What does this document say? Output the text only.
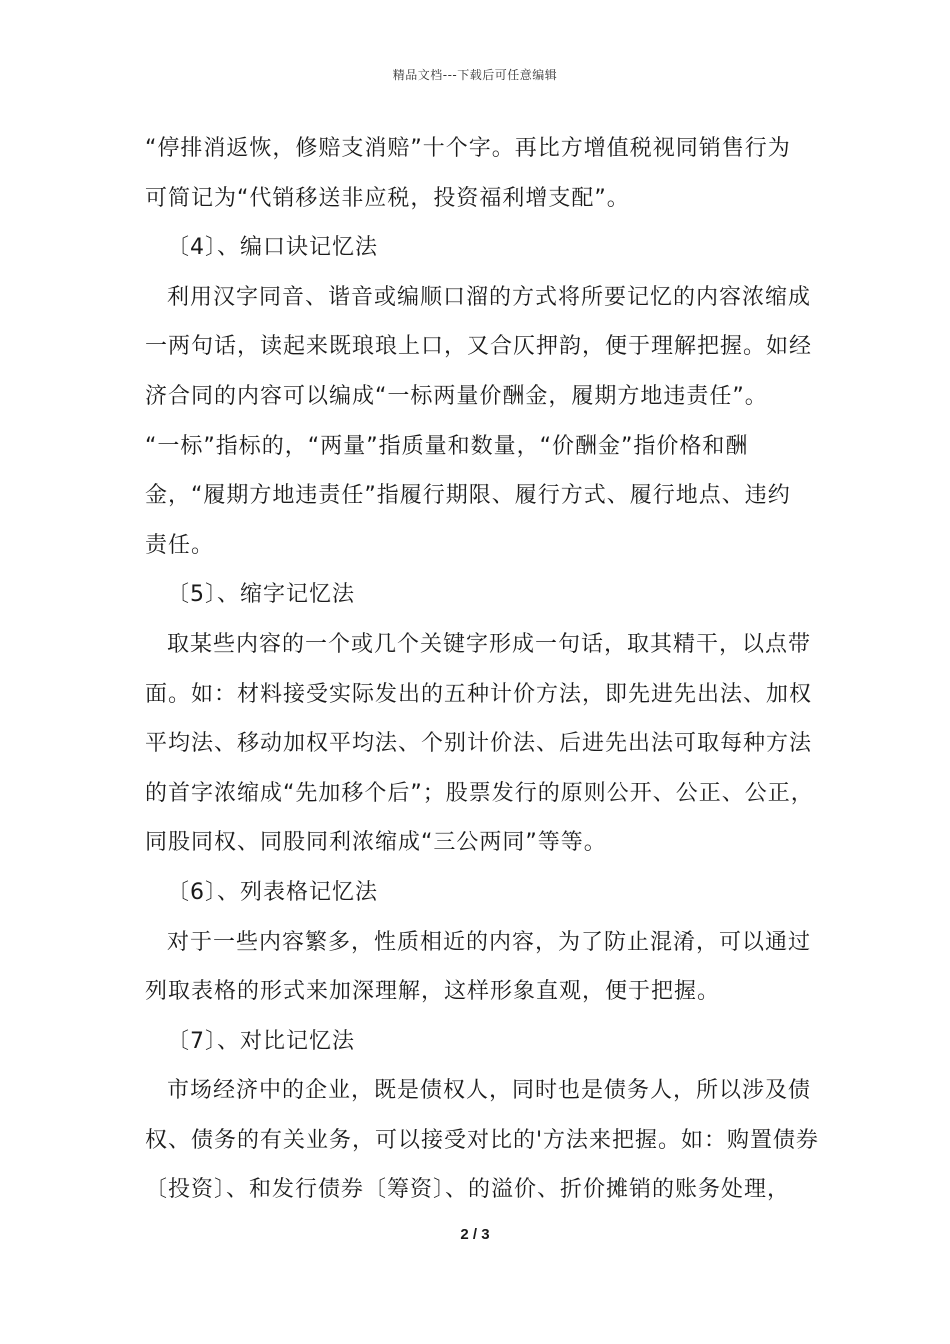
精品文档---下载后可任意编辑
“停排消返恢，修赔支消赔”十个字。再比方增值税视同销售行为
可简记为“代销移送非应税，投资福利增支配”。
〔4〕、编口诀记忆法
利用汉字同音、谐音或编顺口溜的方式将所要记忆的内容浓缩成
一两句话，读起来既琅琅上口，又合仄押韵，便于理解把握。如经
济合同的内容可以编成“一标两量价酬金，履期方地违责任”。
“一标”指标的，“两量”指质量和数量，“价酬金”指价格和酬
金，“履期方地违责任”指履行期限、履行方式、履行地点、违约
责任。
〔5〕、缩字记忆法
取某些内容的一个或几个关键字形成一句话，取其精干，以点带
面。如：材料接受实际发出的五种计价方法，即先进先出法、加权
平均法、移动加权平均法、个别计价法、后进先出法可取每种方法
的首字浓缩成“先加移个后”；股票发行的原则公开、公正、公正，
同股同权、同股同利浓缩成“三公两同”等等。
〔6〕、列表格记忆法
对于一些内容繁多，性质相近的内容，为了防止混淆，可以通过
列取表格的形式来加深理解，这样形象直观，便于把握。
〔7〕、对比记忆法
市场经济中的企业，既是债权人，同时也是债务人，所以涉及债
权、债务的有关业务，可以接受对比的'方法来把握。如：购置债券
〔投资〕、和发行债券〔筹资〕、的溢价、折价摊销的账务处理，
2 / 3
